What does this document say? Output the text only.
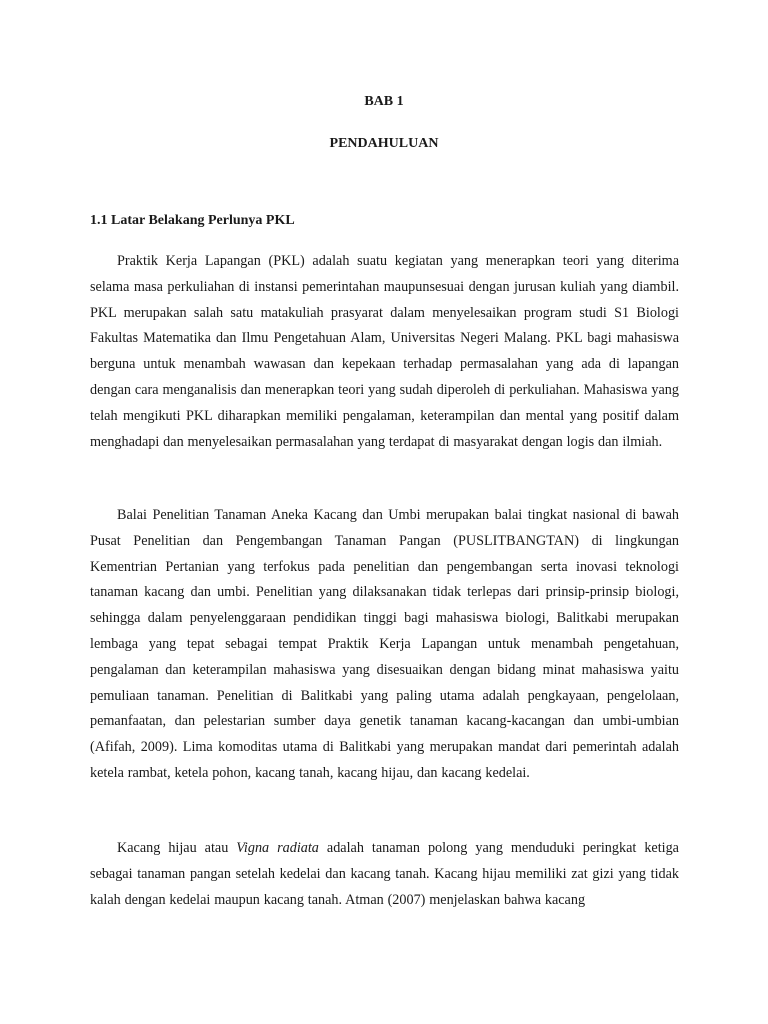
BAB 1

PENDAHULUAN

1.1 Latar Belakang Perlunya PKL

Praktik Kerja Lapangan (PKL) adalah suatu kegiatan yang menerapkan teori yang diterima selama masa perkuliahan di instansi pemerintahan maupunsesuai dengan jurusan kuliah yang diambil. PKL merupakan salah satu matakuliah prasyarat dalam menyelesaikan program studi S1 Biologi Fakultas Matematika dan Ilmu Pengetahuan Alam, Universitas Negeri Malang. PKL bagi mahasiswa berguna untuk menambah wawasan dan kepekaan terhadap permasalahan yang ada di lapangan dengan cara menganalisis dan menerapkan teori yang sudah diperoleh di perkuliahan. Mahasiswa yang telah mengikuti PKL diharapkan memiliki pengalaman, keterampilan dan mental yang positif dalam menghadapi dan menyelesaikan permasalahan yang terdapat di masyarakat dengan logis dan ilmiah.

Balai Penelitian Tanaman Aneka Kacang dan Umbi merupakan balai tingkat nasional di bawah Pusat Penelitian dan Pengembangan Tanaman Pangan (PUSLITBANGTAN) di lingkungan Kementrian Pertanian yang terfokus pada penelitian dan pengembangan serta inovasi teknologi tanaman kacang dan umbi. Penelitian yang dilaksanakan tidak terlepas dari prinsip-prinsip biologi, sehingga dalam penyelenggaraan pendidikan tinggi bagi mahasiswa biologi, Balitkabi merupakan lembaga yang tepat sebagai tempat Praktik Kerja Lapangan untuk menambah pengetahuan, pengalaman dan keterampilan mahasiswa yang disesuaikan dengan bidang minat mahasiswa yaitu pemuliaan tanaman. Penelitian di Balitkabi yang paling utama adalah pengkayaan, pengelolaan, pemanfaatan, dan pelestarian sumber daya genetik tanaman kacang-kacangan dan umbi-umbian (Afifah, 2009). Lima komoditas utama di Balitkabi yang merupakan mandat dari pemerintah adalah ketela rambat, ketela pohon, kacang tanah, kacang hijau, dan kacang kedelai.

Kacang hijau atau Vigna radiata adalah tanaman polong yang menduduki peringkat ketiga sebagai tanaman pangan setelah kedelai dan kacang tanah. Kacang hijau memiliki zat gizi yang tidak kalah dengan kedelai maupun kacang tanah. Atman (2007) menjelaskan bahwa kacang
